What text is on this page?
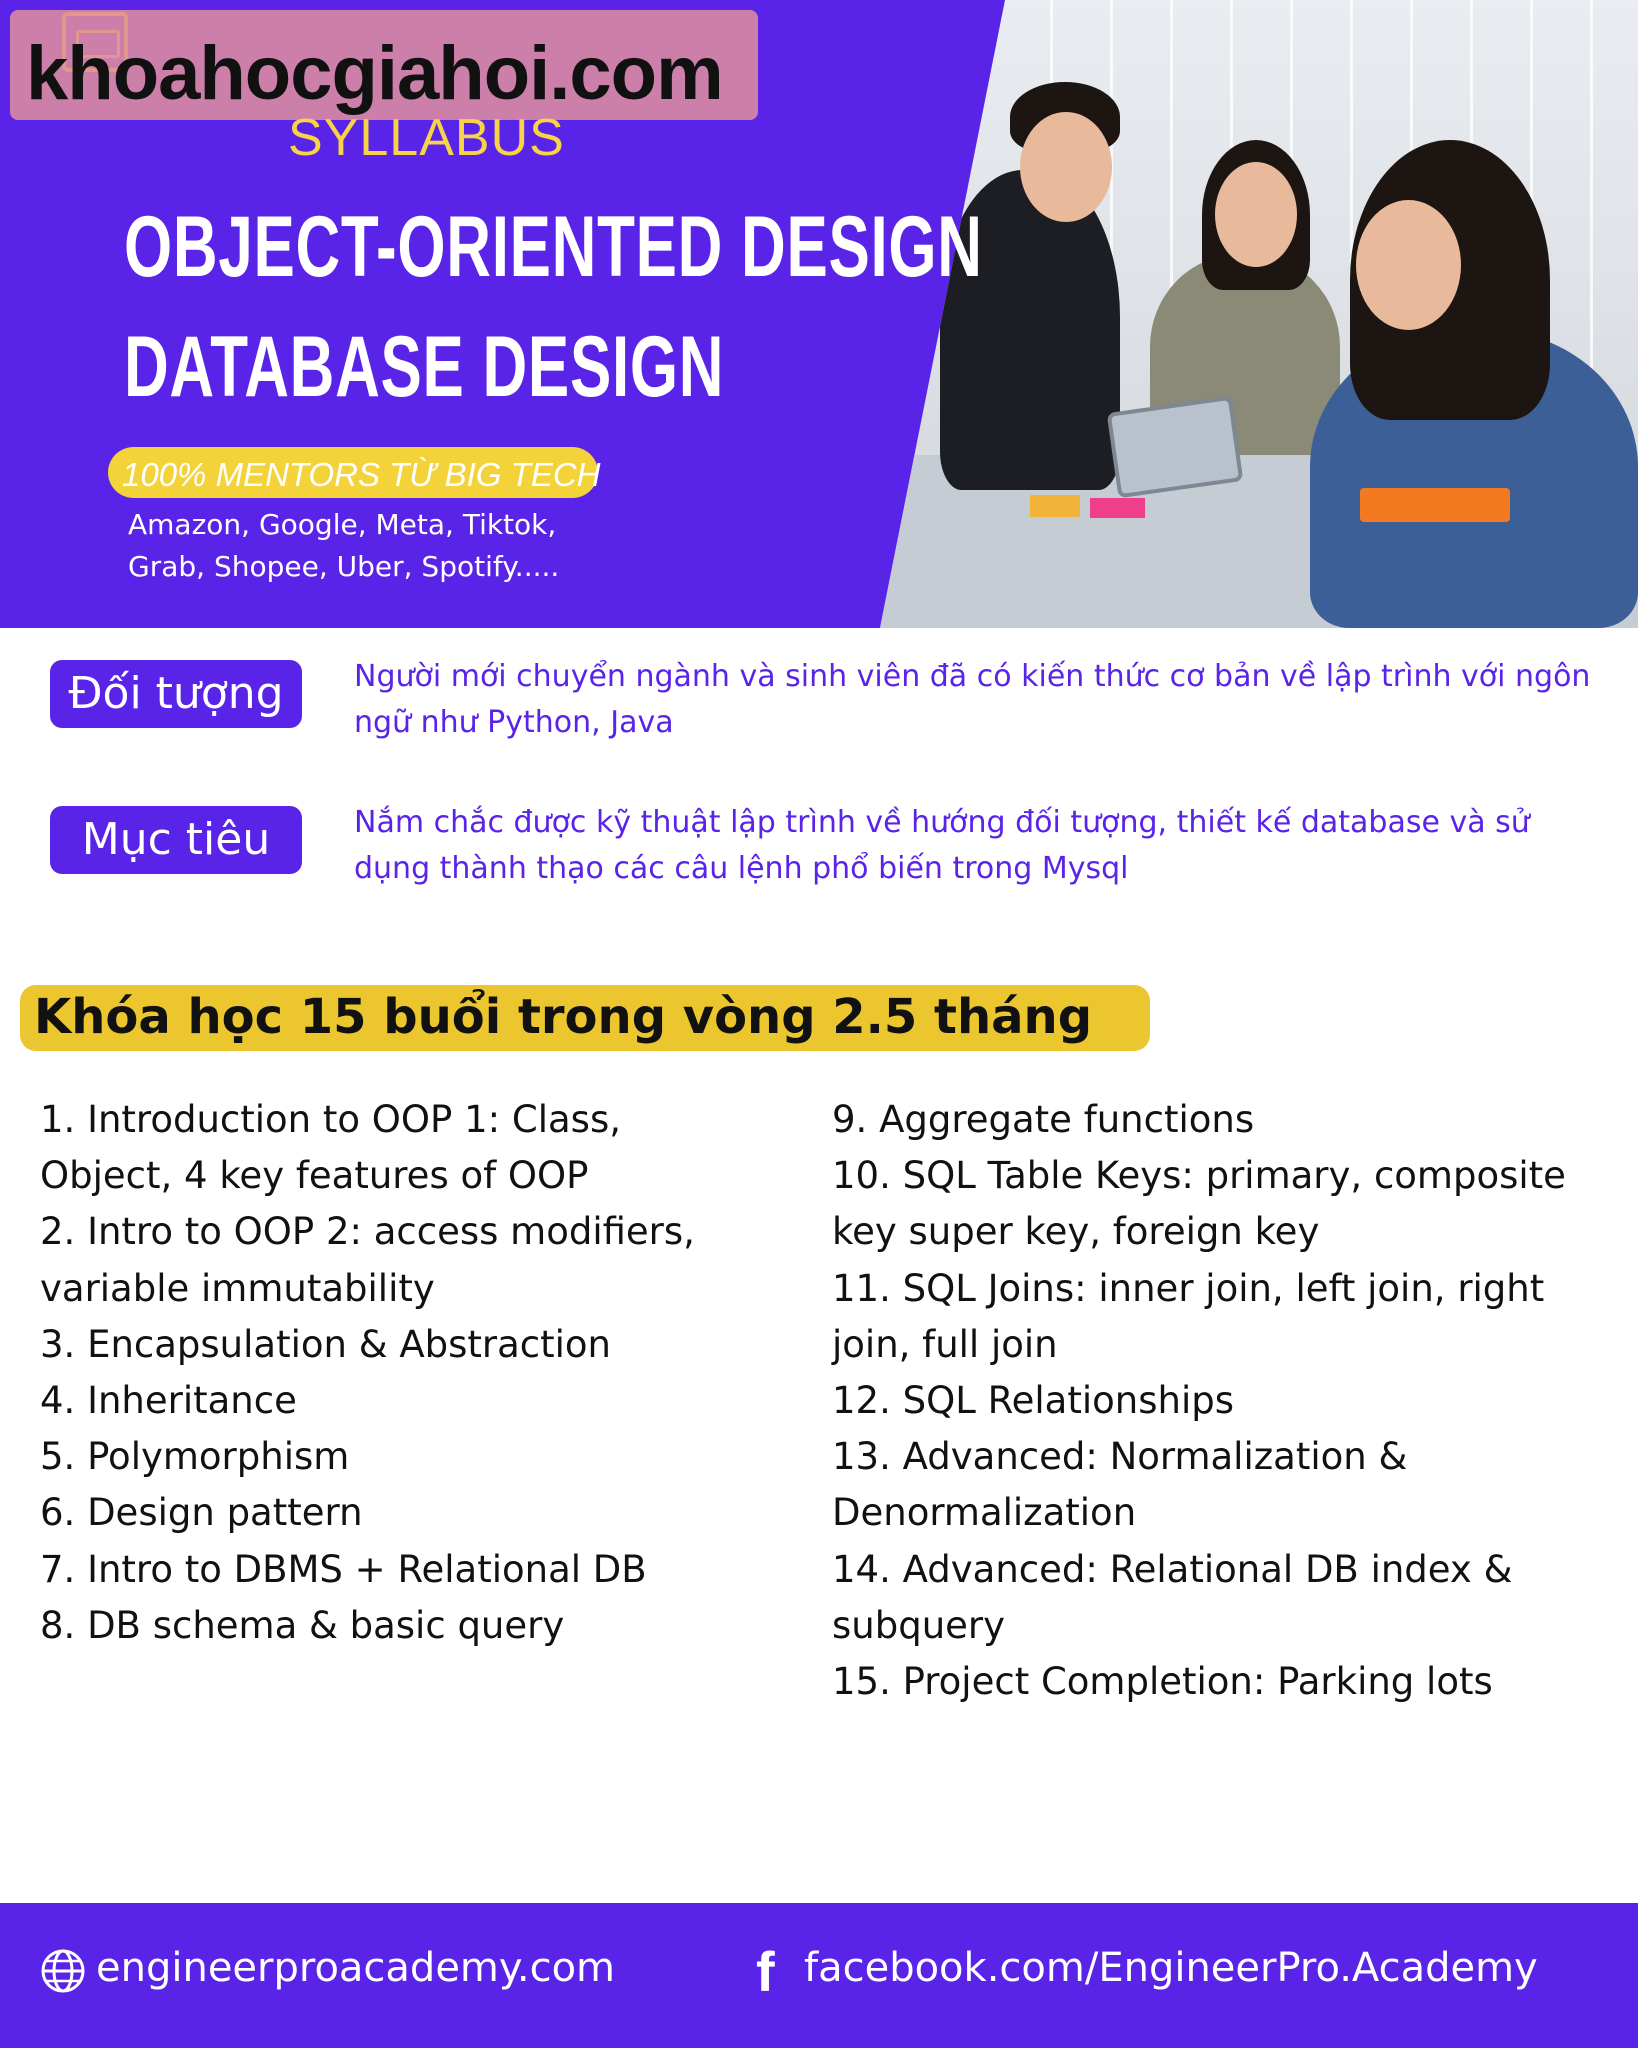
khoahocgiahoi.com
SYLLABUS
OBJECT-ORIENTED DESIGN
DATABASE DESIGN
100% MENTORS TỪ BIG TECH
Amazon, Google, Meta, Tiktok,
Grab, Shopee, Uber, Spotify.....
Đối tượng	Người mới chuyển ngành và sinh viên đã có kiến thức cơ bản về lập trình với ngôn ngữ như Python, Java
Mục tiêu	Nắm chắc được kỹ thuật lập trình về hướng đối tượng, thiết kế database và sử dụng thành thạo các câu lệnh phổ biến trong Mysql
Khóa học 15 buổi trong vòng 2.5 tháng
1. Introduction to OOP 1: Class, Object, 4 key features of OOP
2. Intro to OOP 2: access modifiers, variable immutability
3. Encapsulation & Abstraction
4. Inheritance
5. Polymorphism
6. Design pattern
7. Intro to DBMS + Relational DB
8. DB schema & basic query
9. Aggregate functions
10. SQL Table Keys: primary, composite key super key, foreign key
11. SQL Joins: inner join, left join, right join, full join
12. SQL Relationships
13. Advanced: Normalization & Denormalization
14. Advanced: Relational DB index & subquery
15. Project Completion: Parking lots
engineerproacademy.com	f facebook.com/EngineerPro.Academy
